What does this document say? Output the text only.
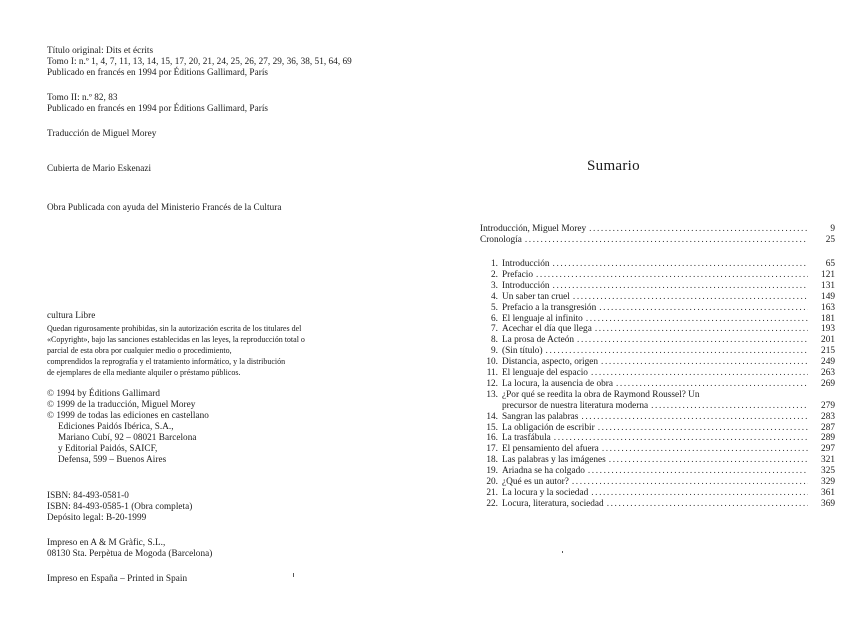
Título original: Dits et écrits
Tomo I: n.º 1, 4, 7, 11, 13, 14, 15, 17, 20, 21, 24, 25, 26, 27, 29, 36, 38, 51, 64, 69
Publicado en francés en 1994 por Éditions Gallimard, París
Tomo II: n.º 82, 83
Publicado en francés en 1994 por Éditions Gallimard, París
Traducción de Miguel Morey
Cubierta de Mario Eskenazi
Obra Publicada con ayuda del Ministerio Francés de la Cultura
cultura Libre
Quedan rigurosamente prohibidas, sin la autorización escrita de los titulares del
«Copyright», bajo las sanciones establecidas en las leyes, la reproducción total o
parcial de esta obra por cualquier medio o procedimiento,
comprendidos la reprografía y el tratamiento informático, y la distribución
de ejemplares de ella mediante alquiler o préstamo públicos.
© 1994 by Éditions Gallimard
© 1999 de la traducción, Miguel Morey
© 1999 de todas las ediciones en castellano
Ediciones Paidós Ibérica, S.A.,
Mariano Cubí, 92 – 08021 Barcelona
y Editorial Paidós, SAICF,
Defensa, 599 – Buenos Aires
ISBN: 84-493-0581-0
ISBN: 84-493-0585-1 (Obra completa)
Depósito legal: B-20-1999
Impreso en A & M Gràfic, S.L.,
08130 Sta. Perpètua de Mogoda (Barcelona)
Impreso en España – Printed in Spain
Sumario
Introducción, Miguel Morey .....	9
Cronología .....	25
1. Introducción .....	65
2. Prefacio .....	121
3. Introducción .....	131
4. Un saber tan cruel .....	149
5. Prefacio a la transgresión .....	163
6. El lenguaje al infinito .....	181
7. Acechar el día que llega .....	193
8. La prosa de Acteón .....	201
9. (Sin título) .....	215
10. Distancia, aspecto, origen .....	249
11. El lenguaje del espacio .....	263
12. La locura, la ausencia de obra .....	269
13. ¿Por qué se reedita la obra de Raymond Roussel? Un
precursor de nuestra literatura moderna .....	279
14. Sangran las palabras .....	283
15. La obligación de escribir .....	287
16. La trasfábula .....	289
17. El pensamiento del afuera .....	297
18. Las palabras y las imágenes .....	321
19. Ariadna se ha colgado .....	325
20. ¿Qué es un autor? .....	329
21. La locura y la sociedad .....	361
22. Locura, literatura, sociedad .....	369
